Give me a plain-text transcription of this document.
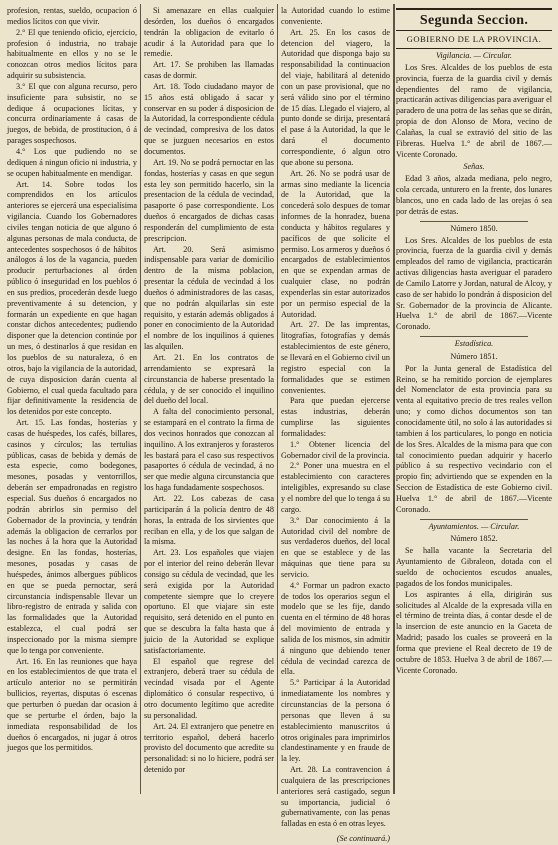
profesion, rentas, sueldo, ocupacion ó medios lícitos con que vivir.

2.° El que teniendo oficio, ejercicio, profesion ó industria, no trabaje habitualmente en ellos y no se le conozcan otros medios lícitos para adquirir su subsistencia.

3.° El que con alguna recurso, pero insuficiente para subsistir, no se dedique á ocupaciones lícitas, y concurra ordinariamente á casas de juegos, de bebida, de prostitucion, ó á parages sospechosos.

4.° Los que pudiendo no se dediquen á ningun oficio ni industria, y se ocupen habitualmente en mendigar.

Art. 14. Sobre todos los comprendidos en los artículos anteriores se ejercerá una especialísima vigilancia. Cuando los Gobernadores civiles tengan noticia de que alguno ó algunas personas de mala conducta, de antecedentes sospechosos ó de hábitos análogos á los de la vagancia, pueden producir perturbaciones al órden público ó inseguridad en los pueblos ó en sus predios, procederán desde luego preventivamente á su detencion, y formarán un expediente en que hagan constar dichos antecedentes; pudiendo disponer que la detencion continúe por un mes, ó destinarlos á que residan en los pueblos de su naturaleza, ó en otros, bajo la vigilancia de la autoridad, de cuya disposicion darán cuenta al Gobierno, el cual queda facultado para fijar definitivamente la residencia de los detenidos por este concepto.

Art. 15. Las fondas, hosterías y casas de huéspedes, los cafés, billares, casinos y círculos; las tertulias públicas, casas de bebida y demás de esta especie, como bodegones, mesones, posadas y ventorrillos, deberán ser empadronadas en registro especial. Sus dueños ó encargados no podrán abrirlos sin permiso del Gobernador de la provincia, y tendrán además la obligacion de cerrarlos por las noches á la hora que la Autoridad designe. En las fondas, hosterías, mesones, posadas y casas de huéspedes, ánimos albergues públicos en que se pueda pernoctar, será circunstancia indispensable llevar un libro-registro de entrada y salida con las formalidades que la Autoridad establezca, el cual podrá ser inspeccionado por la misma siempre que lo tenga por conveniente.

Art. 16. En las reuniones que haya en los establecimientos de que trata el artículo anterior no se permitirán bullicios, reyertas, disputas ó escenas que perturben ó puedan dar ocasion á que se perturbe el órden, bajo la inmediata responsabilidad de los dueños ó encargados, ni jugar á otros juegos que los permitidos.

Si amenazare en ellas cualquier desórden, los dueños ó encargados tendrán la obligacion de evitarlo ó acudir á la Autoridad para que lo remedie.

Art. 17. Se prohiben las llamadas casas de dormir.

Art. 18. Todo ciudadano mayor de 15 años está obligado á sacar y conservar en su poder á disposicion de la Autoridad, la correspondiente cédula de vecindad, compresiva de los datos que se juzguen necesarios en estos documentos.

Art. 19. No se podrá pernoctar en las fondas, hosterías y casas en que segun esta ley son permitido hacerlo, sin la presentacion de la cédula de vecindad, pasaporte ó pase correspondiente. Los dueños ó encargados de dichas casas responderán del cumplimiento de esta prescripcion.

Art. 20. Será asimismo indispensable para variar de domicilio dentro de la misma poblacion, presentar la cédula de vecindad á los dueños ó administradores de las casas, que no podrán alquilarlas sin este requisito, y estarán además obligados á poner en conocimiento de la Autoridad el nombre de los inquilinos á quienes las alquilen.

Art. 21. En los contratos de arrendamiento se expresará la circunstancia de haberse presentado la cédula, y de ser conocido el inquilino del dueño del local.

A falta del conocimiento personal, se estampará en el contrato la firma de dos vecinos honrados que conozcan al inquilino. A los extranjeros y forasteros les bastará para el caso sus respectivos pasaportes ó cédula de vecindad, á no ser que medie alguna circunstancia que los haga fundadamente sospechosos.

Art. 22. Los cabezas de casa participarán á la policía dentro de 48 horas, la entrada de los sirvientes que reciban en ella, y de los que salgan de la misma.

Art. 23. Los españoles que viajen por el interior del reino deberán llevar consigo su cédula de vecindad, que les será exigida por la Autoridad competente siempre que lo creyere oportuno. El que viajare sin este requisito, será detenido en el punto en que se descubra la falta hasta que á juicio de la Autoridad se explique satisfactoriamente.

El español que regrese del extranjero, deberá traer su cédula de vecindad visada por el Agente diplomático ó consular respectivo, ú otro documento legítimo que acredite su personalidad.

Art. 24. El extranjero que penetre en territorio español, deberá hacerlo provisto del documento que acredite su personalidad: si no lo hiciere, podrá ser detenido por

la Autoridad cuando lo estime conveniente.

Art. 25. En los casos de detencion del viagero, la Autoridad que disponga bajo su responsabilidad la continuacion del viaje, habilitará al detenido con un pase provisional, que no será válido sino por el término de 15 días. Llegado el viajero, al punto donde se dirija, presentará el pase á la Autoridad, la que le dará el documento correspondiente, ó algun otro que abone su persona.

Art. 26. No se podrá usar de armas sino mediante la licencia de la Autoridad, que la concederá solo despues de tomar informes de la honradez, buena conducta y hábitos regulares y pacíficos de que solicite el permiso. Los armeros y dueños ó encargados de establecimientos en que se expendan armas de cualquier clase, no podrán expenderlas sin estar autorizados por un permiso especial de la Autoridad.

Art. 27. De las imprentas, litografías, fotografías y demás establecimientos de este género, se llevará en el Gobierno civil un registro especial con la formalidades que se estimen convenientes.

Para que puedan ejercerse estas industrias, deberán cumplirse las siguientes formalidades:

1.° Obtener licencia del Gobernador civil de la provincia.

2.° Poner una muestra en el establecimiento con caracteres inteligibles, expresando su clase y el nombre del que lo tenga á su cargo.

3.° Dar conocimiento á la Autoridad civil del nombre de sus verdaderos dueños, del local en que se establece y de las máquinas que tiene para su servicio.

4.° Formar un padron exacto de todos los operarios segun el modelo que se les fije, dando cuenta en el término de 48 horas del movimiento de entrada y salida de los mismos, sin admitir á ninguno que debiendo tener cédula de vecindad carezca de ella.

5.° Participar á la Autoridad inmediatamente los nombres y circunstancias de la persona ó personas que lleven á su establecimiento manuscritos ú otros originales para imprimirlos clandestinamente y en fraude de la ley.

Art. 28. La contravencion á cualquiera de las prescripciones anteriores será castigado, segun su importancia, judicial ó gubernativamente, con las penas falladas en esta ó en otras leyes.

(Se continuará.)
Segunda Seccion.
GOBIERNO DE LA PROVINCIA.
Vigilancia. — Circular.

Los Sres. Alcaldes de los pueblos de esta provincia, fuerza de la guardia civil y demás dependientes del ramo de vigilancia, practicarán activas diligencias para averiguar el paradero de una potra de las señas que se dirán, propia de don Alonso de Mora, vecino de Calañas, la cual se extravió del sitio de las Fibreras. Huelva 1.° de abril de 1867.—Vicente Coronado.

Señas.

Edad 3 años, alzada mediana, pelo negro, cola cercada, unturero en la frente, dos lunares blancos, uno en cada lado de las orejas ó sea por detrás de estas.

Número 1850.

Los Sres. Alcaldes de los pueblos de esta provincia, fuerza de la guardia civil y demás empleados del ramo de vigilancia, practicarán activas diligencias hasta averiguar el paradero de Camilo Latorre y Jordan, natural de Alcoy, y caso de ser habido lo pondrán á disposicion del Sr. Gobernador de la provincia de Alicante. Huelva 1.° de abril de 1867.—Vicente Coronado.

Estadística.
Número 1851.

Por la Junta general de Estadística del Reino, se ha remitido porcion de ejemplares del Nomenclator de esta provincia para su venta al equitativo precio de tres reales vellon uno; y como dichos documentos son tan conocidamente útil, no solo á las autoridades si tambien á los particulares, lo pongo en noticia de los Sres. Alcaldes de la misma para que con tal conocimiento puedan adquirir y hacerlo público á su respectivo vecindario con el propio fin; advirtiendo que se expenden en la Seccion de Estadística de este Gobierno civil. Huelva 1.° de abril de 1867.—Vicente Coronado.

Ayuntamientos. — Circular.
Número 1852.

Se halla vacante la Secretaria del Ayuntamiento de Gibraleon, dotada con el sueldo de ochocientos escudos anuales, pagados de los fondos municipales.

Los aspirantes á ella, dirigirán sus solicitudes al Alcalde de la expresada villa en el término de treinta días, á contar desde el de la insercion de este anuncio en la Gaceta de Madrid; pasado los cuales se proveerá en la forma que previene el Real decreto de 19 de octubre de 1853. Huelva 3 de abril de 1867.—Vicente Coronado.
